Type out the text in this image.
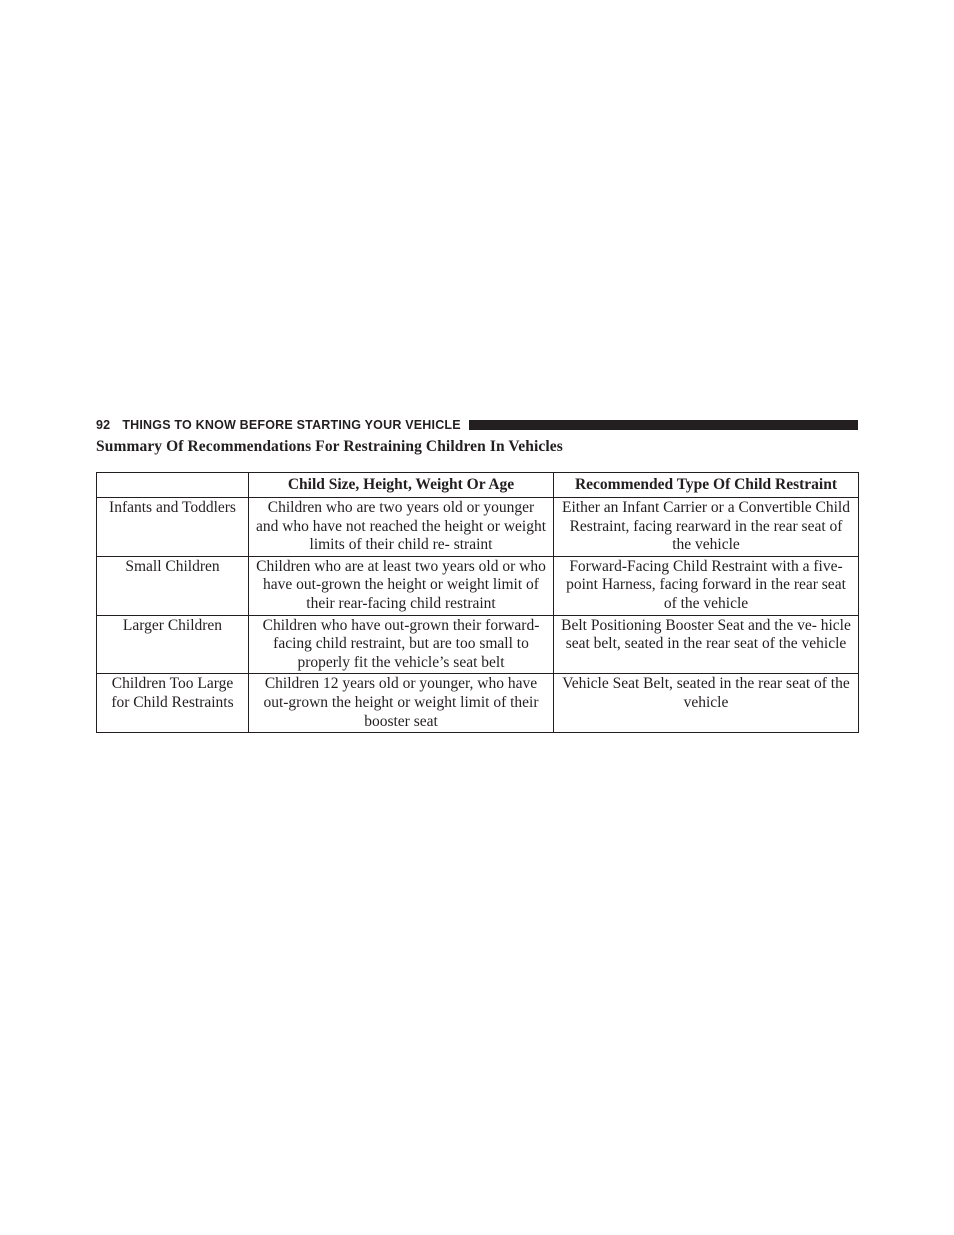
92 THINGS TO KNOW BEFORE STARTING YOUR VEHICLE
Summary Of Recommendations For Restraining Children In Vehicles
	Child Size, Height, Weight Or Age	Recommended Type Of Child Restraint
Infants and Toddlers	Children who are two years old or younger and who have not reached the height or weight limits of their child re- straint	Either an Infant Carrier or a Convertible Child Restraint, facing rearward in the rear seat of the vehicle
Small Children	Children who are at least two years old or who have out-grown the height or weight limit of their rear-facing child restraint	Forward-Facing Child Restraint with a five-point Harness, facing forward in the rear seat of the vehicle
Larger Children	Children who have out-grown their forward-facing child restraint, but are too small to properly fit the vehicle’s seat belt	Belt Positioning Booster Seat and the ve- hicle seat belt, seated in the rear seat of the vehicle
Children Too Large for Child Restraints	Children 12 years old or younger, who have out-grown the height or weight limit of their booster seat	Vehicle Seat Belt, seated in the rear seat of the vehicle
